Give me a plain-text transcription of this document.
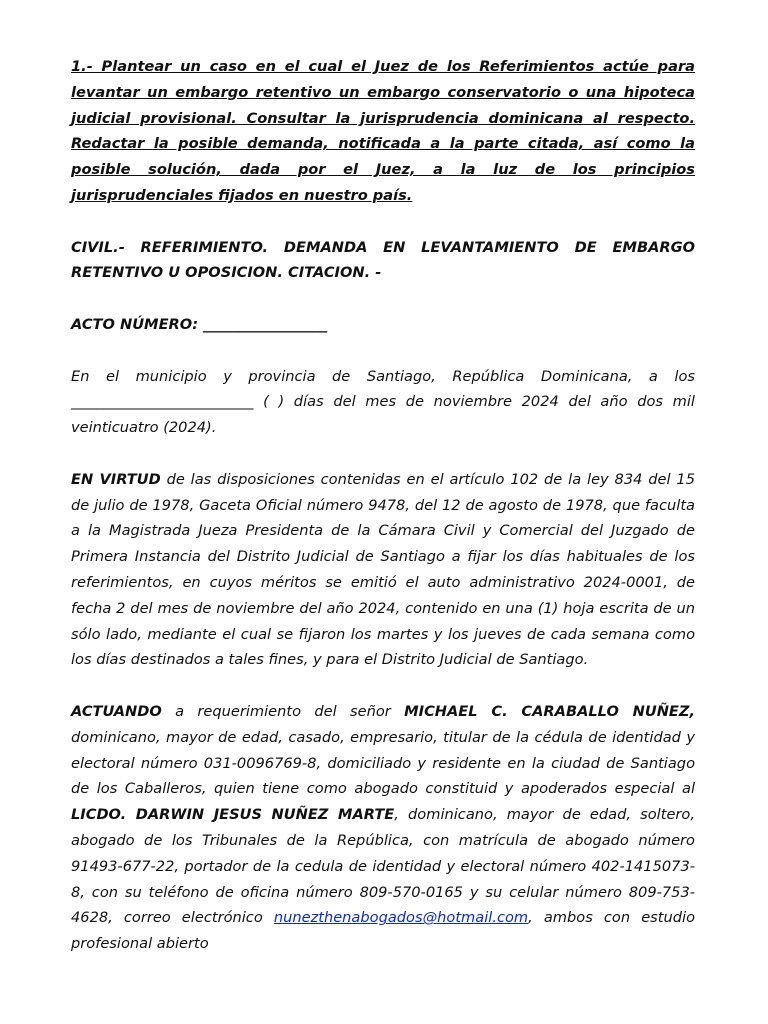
1.- Plantear un caso en el cual el Juez de los Referimientos actúe para levantar un embargo retentivo un embargo conservatorio o una hipoteca judicial provisional. Consultar la jurisprudencia dominicana al respecto. Redactar la posible demanda, notificada a la parte citada, así como la posible solución, dada por el Juez, a la luz de los principios jurisprudenciales fijados en nuestro país.

CIVIL.- REFERIMIENTO. DEMANDA EN LEVANTAMIENTO DE EMBARGO RETENTIVO U OPOSICION. CITACION. -

ACTO NÚMERO: _________________

En el municipio y provincia de Santiago, República Dominicana, a los _________________________ ( ) días del mes de noviembre 2024 del año dos mil veinticuatro (2024).

EN VIRTUD de las disposiciones contenidas en el artículo 102 de la ley 834 del 15 de julio de 1978, Gaceta Oficial número 9478, del 12 de agosto de 1978, que faculta a la Magistrada Jueza Presidenta de la Cámara Civil y Comercial del Juzgado de Primera Instancia del Distrito Judicial de Santiago a fijar los días habituales de los referimientos, en cuyos méritos se emitió el auto administrativo 2024-0001, de fecha 2 del mes de noviembre del año 2024, contenido en una (1) hoja escrita de un sólo lado, mediante el cual se fijaron los martes y los jueves de cada semana como los días destinados a tales fines, y para el Distrito Judicial de Santiago.

ACTUANDO a requerimiento del señor MICHAEL C. CARABALLO NUÑEZ, dominicano, mayor de edad, casado, empresario, titular de la cédula de identidad y electoral número 031-0096769-8, domiciliado y residente en la ciudad de Santiago de los Caballeros, quien tiene como abogado constituid y apoderados especial al LICDO. DARWIN JESUS NUÑEZ MARTE, dominicano, mayor de edad, soltero, abogado de los Tribunales de la República, con matrícula de abogado número 91493-677-22, portador de la cedula de identidad y electoral número 402-1415073-8, con su teléfono de oficina número 809-570-0165 y su celular número 809-753-4628, correo electrónico nunezthenabogados@hotmail.com, ambos con estudio profesional abierto
